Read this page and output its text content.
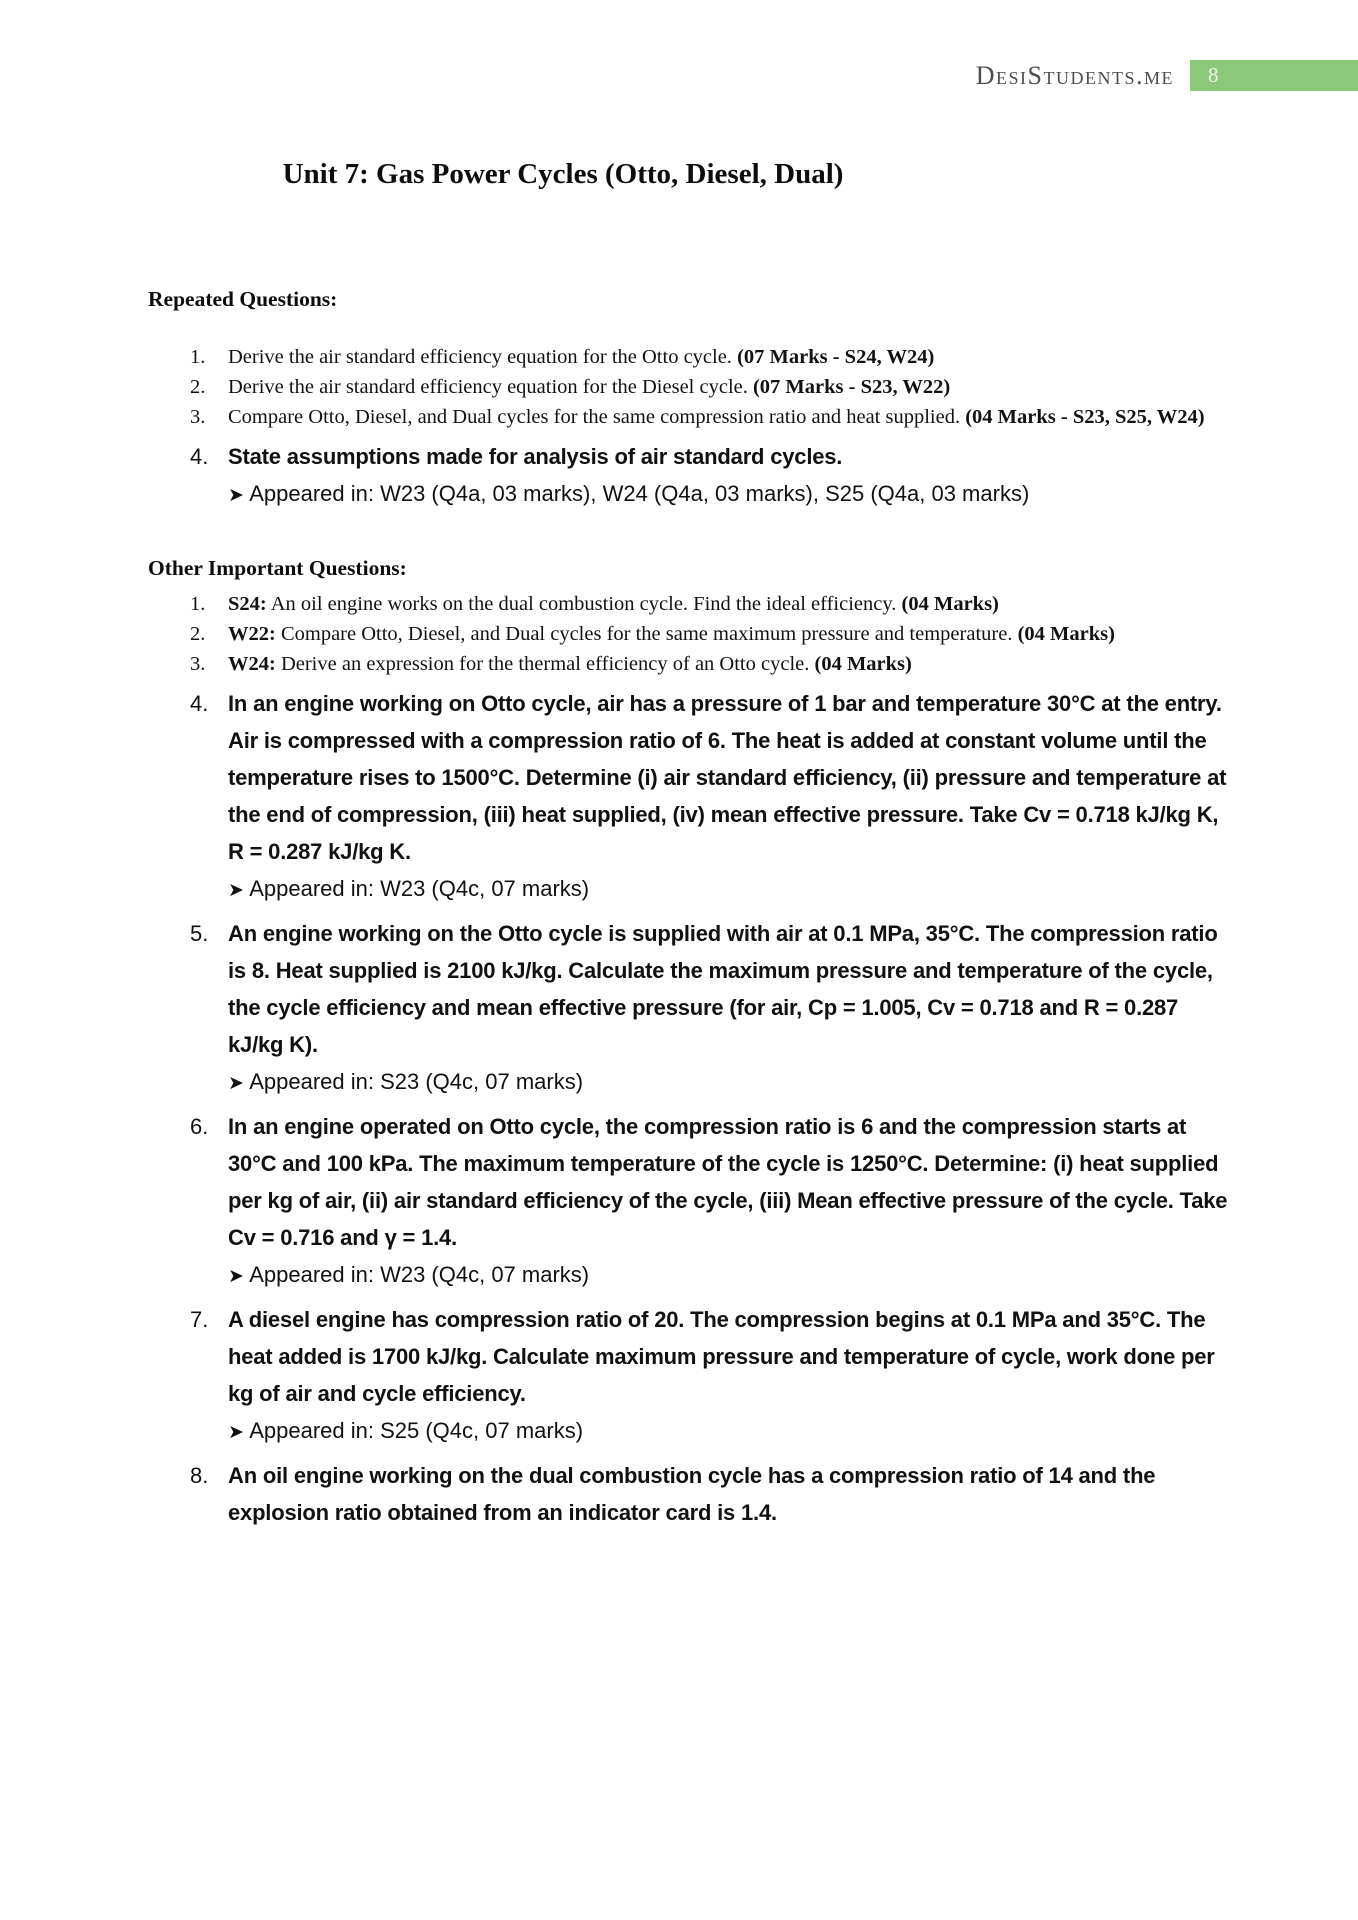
DesiStudents.me 8
Unit 7: Gas Power Cycles (Otto, Diesel, Dual)
Repeated Questions:
1.	Derive the air standard efficiency equation for the Otto cycle. (07 Marks - S24, W24)

2.	Derive the air standard efficiency equation for the Diesel cycle. (07 Marks - S23, W22)

3.	Compare Otto, Diesel, and Dual cycles for the same compression ratio and heat supplied. (04 Marks - S23, S25, W24)

4. State assumptions made for analysis of air standard cycles.

➤ Appeared in: W23 (Q4a, 03 marks), W24 (Q4a, 03 marks), S25 (Q4a, 03 marks)

Other Important Questions:
1.	S24: An oil engine works on the dual combustion cycle. Find the ideal efficiency. (04 Marks)

2.	W22: Compare Otto, Diesel, and Dual cycles for the same maximum pressure and temperature. (04 Marks)

3.	W24: Derive an expression for the thermal efficiency of an Otto cycle. (04 Marks)

4. In an engine working on Otto cycle, air has a pressure of 1 bar and temperature 30°C at the entry. Air is compressed with a compression ratio of 6. The heat is added at constant volume until the temperature rises to 1500°C. Determine (i) air standard efficiency, (ii) pressure and temperature at the end of compression, (iii) heat supplied, (iv) mean effective pressure. Take Cv = 0.718 kJ/kg K, R = 0.287 kJ/kg K.

➤ Appeared in: W23 (Q4c, 07 marks)

5. An engine working on the Otto cycle is supplied with air at 0.1 MPa, 35°C. The compression ratio is 8. Heat supplied is 2100 kJ/kg. Calculate the maximum pressure and temperature of the cycle, the cycle efficiency and mean effective pressure (for air, Cp = 1.005, Cv = 0.718 and R = 0.287 kJ/kg K).

➤ Appeared in: S23 (Q4c, 07 marks)

6. In an engine operated on Otto cycle, the compression ratio is 6 and the compression starts at 30°C and 100 kPa. The maximum temperature of the cycle is 1250°C. Determine: (i) heat supplied per kg of air, (ii) air standard efficiency of the cycle, (iii) Mean effective pressure of the cycle. Take Cv = 0.716 and γ = 1.4.

➤ Appeared in: W23 (Q4c, 07 marks)

7. A diesel engine has compression ratio of 20. The compression begins at 0.1 MPa and 35°C. The heat added is 1700 kJ/kg. Calculate maximum pressure and temperature of cycle, work done per kg of air and cycle efficiency.

➤ Appeared in: S25 (Q4c, 07 marks)

8. An oil engine working on the dual combustion cycle has a compression ratio of 14 and the explosion ratio obtained from an indicator card is 1.4.
